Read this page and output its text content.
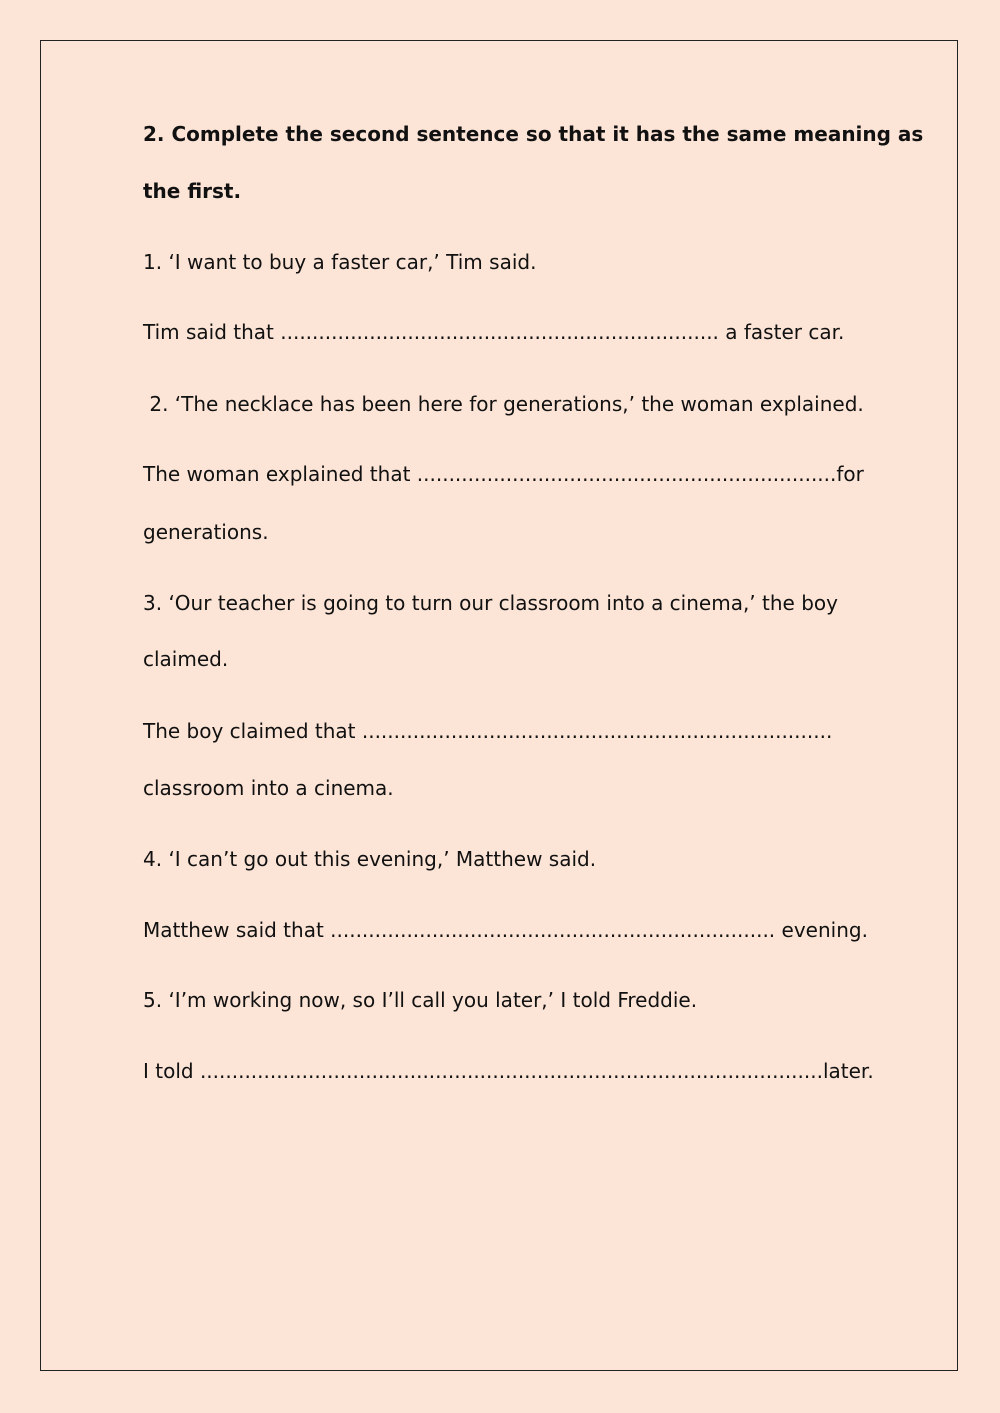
2. Complete the second sentence so that it has the same meaning as
the first.
1. ‘I want to buy a faster car,’ Tim said.
Tim said that ..................................................................... a faster car.
2. ‘The necklace has been here for generations,’ the woman explained.
The woman explained that ..................................................................for
generations.
3. ‘Our teacher is going to turn our classroom into a cinema,’ the boy
claimed.
The boy claimed that ..........................................................................
classroom into a cinema.
4. ‘I can’t go out this evening,’ Matthew said.
Matthew said that ...................................................................... evening.
5. ‘I’m working now, so I’ll call you later,’ I told Freddie.
I told ..................................................................................................later.
